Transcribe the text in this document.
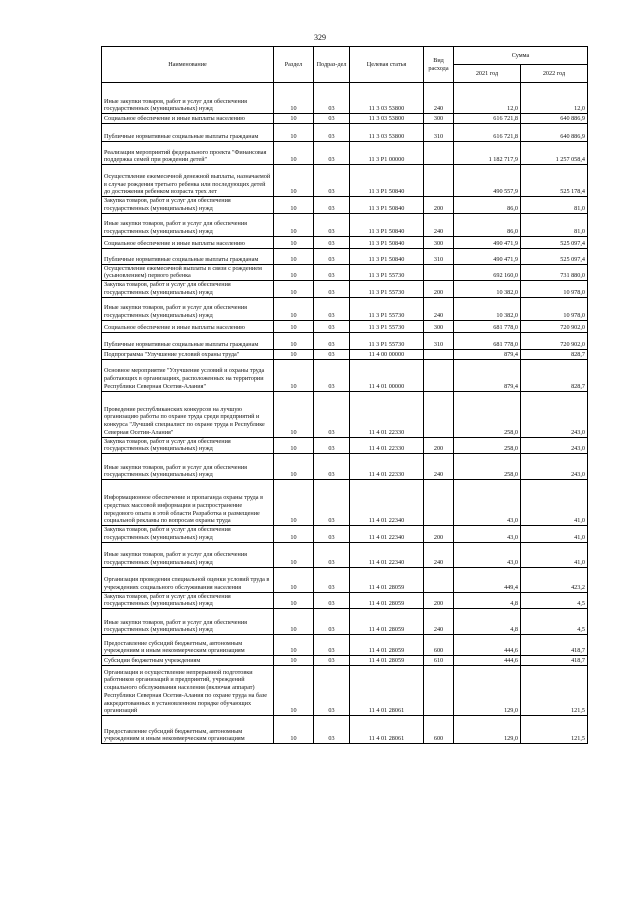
329
Наименование	Раздел	Подраз-дел	Целевая статья	Вид расхода	Сумма	
					2021 год	2022 год
Иные закупки товаров, работ и услуг для обеспечения государственных (муниципальных) нужд	10	03	11 3 03 53800	240	12,0	12,0
Социальное обеспечение и иные выплаты населению	10	03	11 3 03 53800	300	616 721,8	640 886,9
Публичные нормативные социальные выплаты гражданам	10	03	11 3 03 53800	310	616 721,8	640 886,9
Реализация мероприятий федерального проекта "Финансовая поддержка семей при рождении детей"	10	03	11 3 P1 00000		1 182 717,9	1 257 058,4
Осуществление ежемесячной денежной выплаты, назначаемой в случае рождения третьего ребенка или последующих детей до достижения ребенком возраста трех лет	10	03	11 3 P1 50840		490 557,9	525 178,4
Закупка товаров, работ и услуг для обеспечения государственных (муниципальных) нужд	10	03	11 3 P1 50840	200	86,0	81,0
Иные закупки товаров, работ и услуг для обеспечения государственных (муниципальных) нужд	10	03	11 3 P1 50840	240	86,0	81,0
Социальное обеспечение и иные выплаты населению	10	03	11 3 P1 50840	300	490 471,9	525 097,4
Публичные нормативные социальные выплаты гражданам	10	03	11 3 P1 50840	310	490 471,9	525 097,4
Осуществление ежемесячной выплаты в связи с рождением (усыновлением) первого ребенка	10	03	11 3 P1 55730		692 160,0	731 880,0
Закупка товаров, работ и услуг для обеспечения государственных (муниципальных) нужд	10	03	11 3 P1 55730	200	10 382,0	10 978,0
Иные закупки товаров, работ и услуг для обеспечения государственных (муниципальных) нужд	10	03	11 3 P1 55730	240	10 382,0	10 978,0
Социальное обеспечение и иные выплаты населению	10	03	11 3 P1 55730	300	681 778,0	720 902,0
Публичные нормативные социальные выплаты гражданам	10	03	11 3 P1 55730	310	681 778,0	720 902,0
Подпрограмма "Улучшение условий охраны труда"	10	03	11 4 00 00000		879,4	828,7
Основное мероприятие "Улучшение условий и охраны труда работающих в организациях, расположенных на территории Республики Северная Осетия-Алания"	10	03	11 4 01 00000		879,4	828,7
Проведение республиканских конкурсов на лучшую организацию работы по охране труда среди предприятий и конкурса "Лучший специалист по охране труда в Республике Северная Осетия-Алания"	10	03	11 4 01 22330		258,0	243,0
Закупка товаров, работ и услуг для обеспечения государственных (муниципальных) нужд	10	03	11 4 01 22330	200	258,0	243,0
Иные закупки товаров, работ и услуг для обеспечения государственных (муниципальных) нужд	10	03	11 4 01 22330	240	258,0	243,0
Информационное обеспечение и пропаганда охраны труда в средствах массовой информации и распространение передового опыта в этой области Разработка и размещение социальной рекламы по вопросам охраны труда	10	03	11 4 01 22340		43,0	41,0
Закупка товаров, работ и услуг для обеспечения государственных (муниципальных) нужд	10	03	11 4 01 22340	200	43,0	41,0
Иные закупки товаров, работ и услуг для обеспечения государственных (муниципальных) нужд	10	03	11 4 01 22340	240	43,0	41,0
Организация проведения специальной оценки условий труда в учреждениях социального обслуживания населения	10	03	11 4 01 28059		449,4	423,2
Закупка товаров, работ и услуг для обеспечения государственных (муниципальных) нужд	10	03	11 4 01 28059	200	4,8	4,5
Иные закупки товаров, работ и услуг для обеспечения государственных (муниципальных) нужд	10	03	11 4 01 28059	240	4,8	4,5
Предоставление субсидий бюджетным, автономным учреждениям и иным некоммерческим организациям	10	03	11 4 01 28059	600	444,6	418,7
Субсидии бюджетным учреждениям	10	03	11 4 01 28059	610	444,6	418,7
Организация и осуществление непрерывной подготовки работников организаций и предприятий, учреждений социального обслуживания населения (включая аппарат) Республики Северная Осетия-Алания по охране труда на базе аккредитованных в установленном порядке обучающих организаций	10	03	11 4 01 28061		129,0	121,5
Предоставление субсидий бюджетным, автономным учреждениям и иным некоммерческим организациям	10	03	11 4 01 28061	600	129,0	121,5
